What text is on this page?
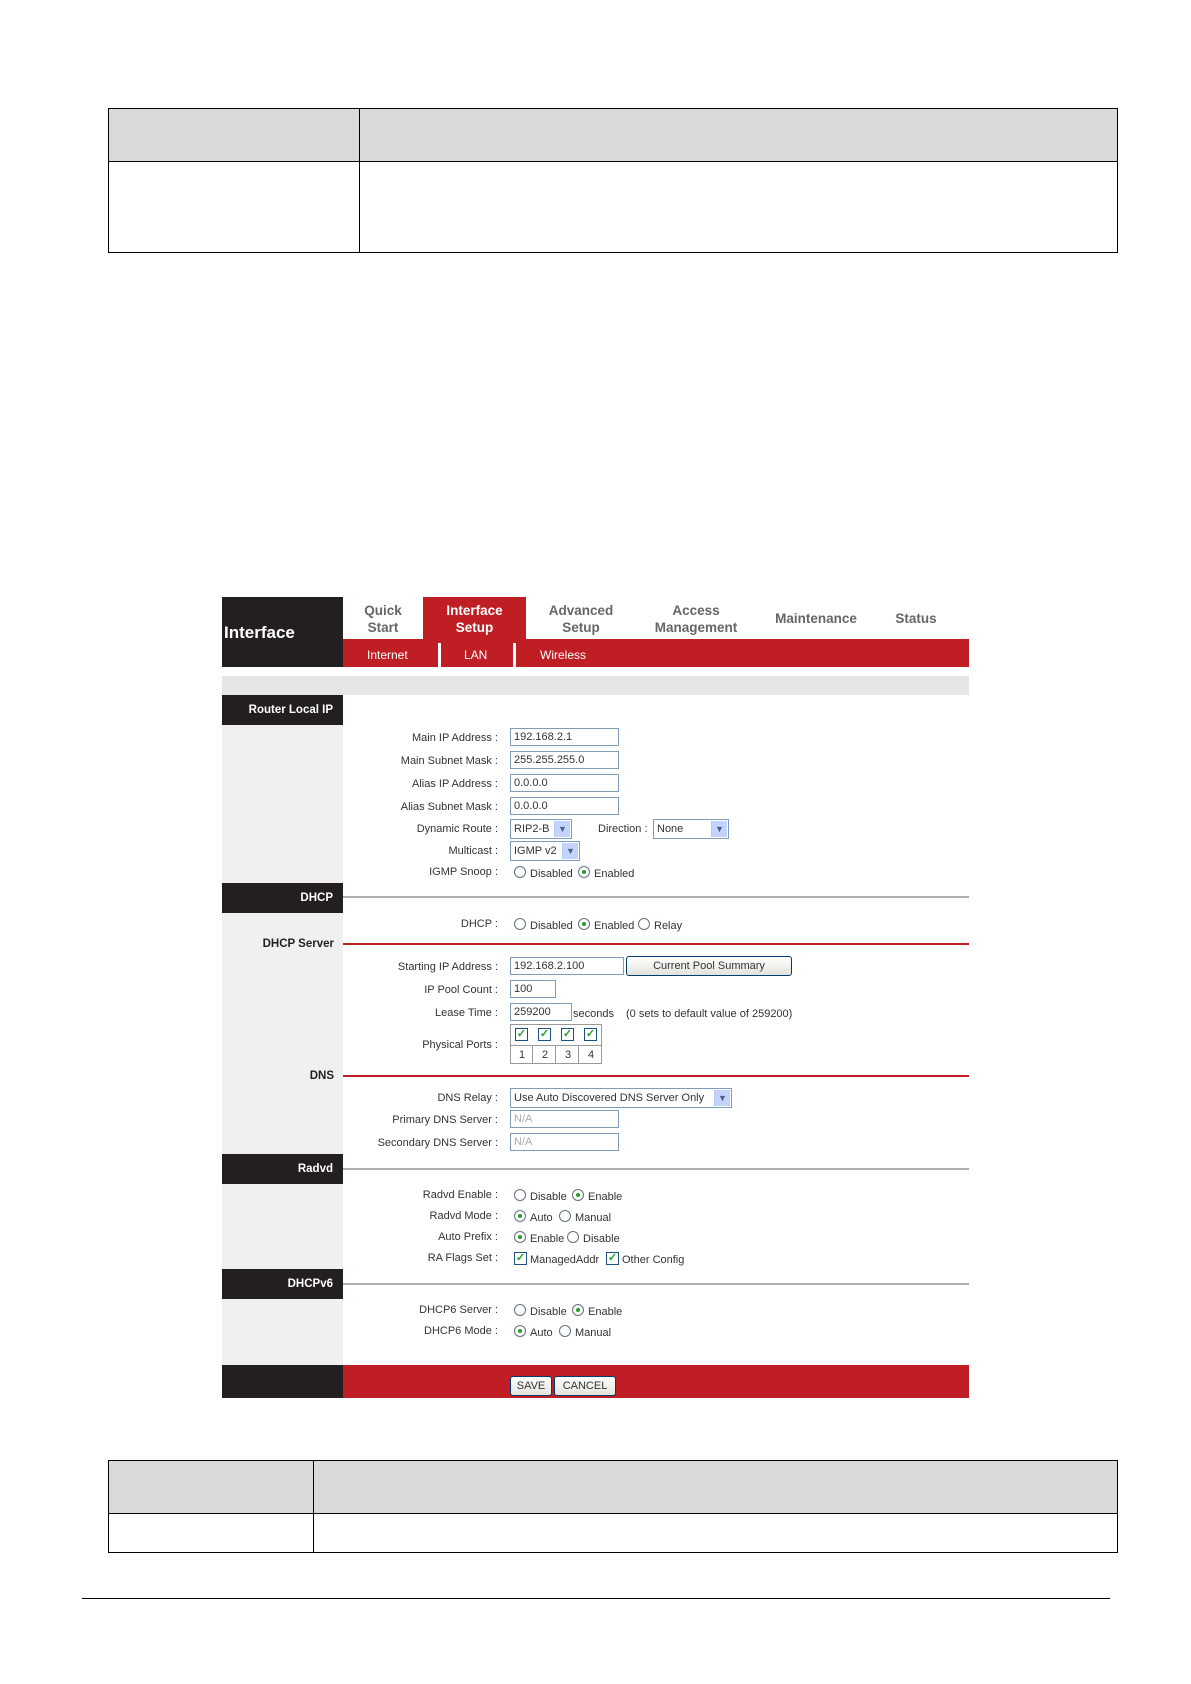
Interface
Quick
Start
Interface
Setup
Advanced
Setup
Access
Management
Maintenance	Status
Internet	LAN	Wireless
Router Local IP
Main IP Address :	192.168.2.1
Main Subnet Mask :	255.255.255.0
Alias IP Address :	0.0.0.0
Alias Subnet Mask :	0.0.0.0
Dynamic Route :	RIP2-B ▼	Direction : None	▼
Multicast :	IGMP v2	▼
IGMP Snoop :	Disabled Enabled
DHCP
DHCP :	Disabled Enabled Relay
DHCP Server
Starting IP Address :	192.168.2.100	Current Pool Summary
IP Pool Count :	100
Lease Time :	259200	seconds (0 sets to default value of 259200)
Physical Ports :
✓ ✓ ✓ ✓
1 2 3 4
DNS
DNS Relay :	Use Auto Discovered DNS Server Only	▼
Primary DNS Server :	N/A
Secondary DNS Server :	N/A
Radvd
Radvd Enable :	Disable Enable
Radvd Mode :	Auto Manual
Auto Prefix :	Enable Disable
RA Flags Set : ✓ ManagedAddr ✓ Other Config
DHCPv6
DHCP6 Server :	Disable Enable
DHCP6 Mode :	Auto Manual
SAVE	CANCEL
